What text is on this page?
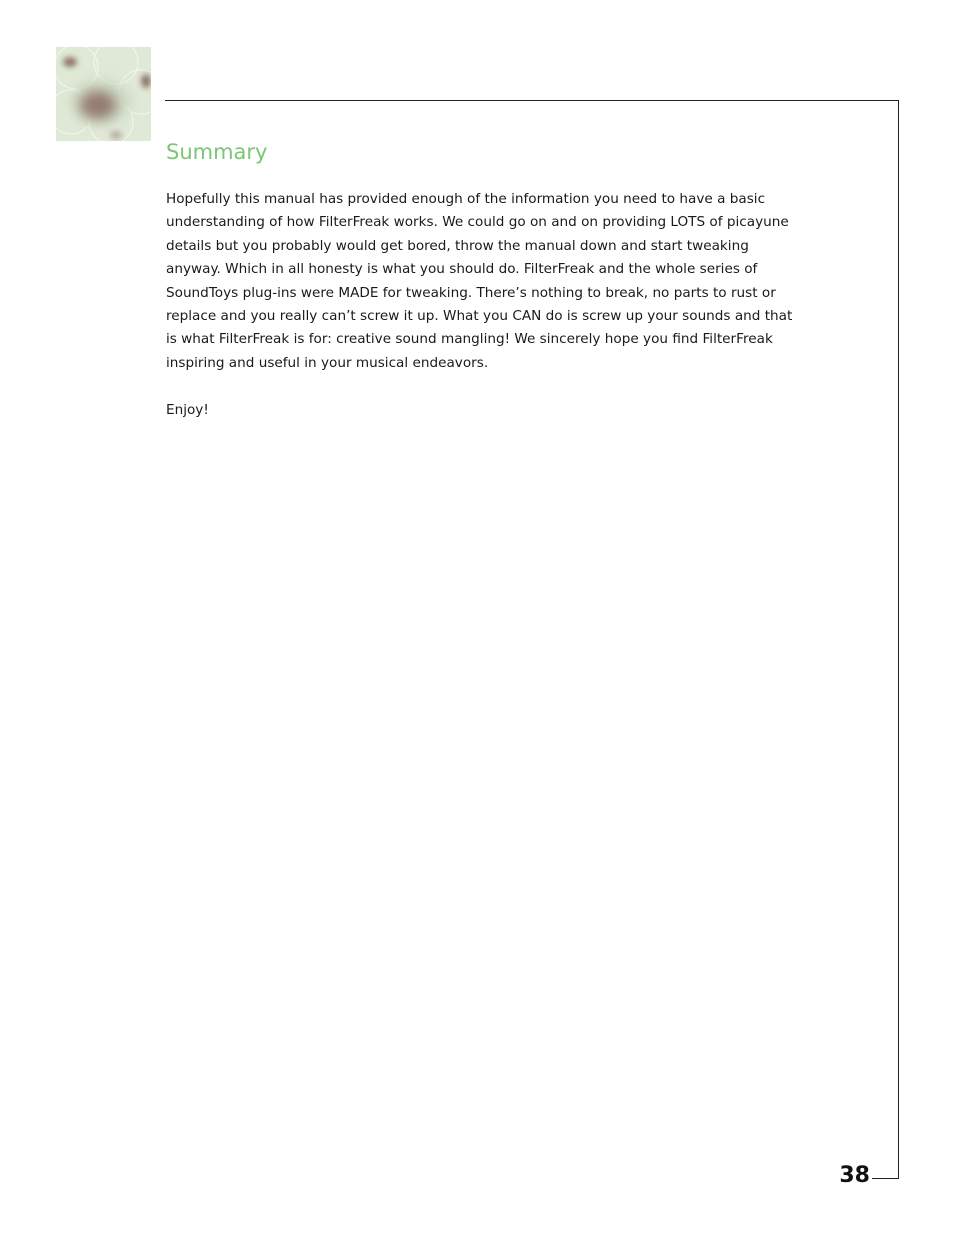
Summary

Hopefully this manual has provided enough of the information you need to have a basic understanding of how FilterFreak works. We could go on and on providing LOTS of picayune details but you probably would get bored, throw the manual down and start tweaking anyway. Which in all honesty is what you should do. FilterFreak and the whole series of SoundToys plug-ins were MADE for tweaking. There’s nothing to break, no parts to rust or replace and you really can’t screw it up. What you CAN do is screw up your sounds and that is what FilterFreak is for: creative sound mangling! We sincerely hope you find FilterFreak inspiring and useful in your musical endeavors.

Enjoy!

38
